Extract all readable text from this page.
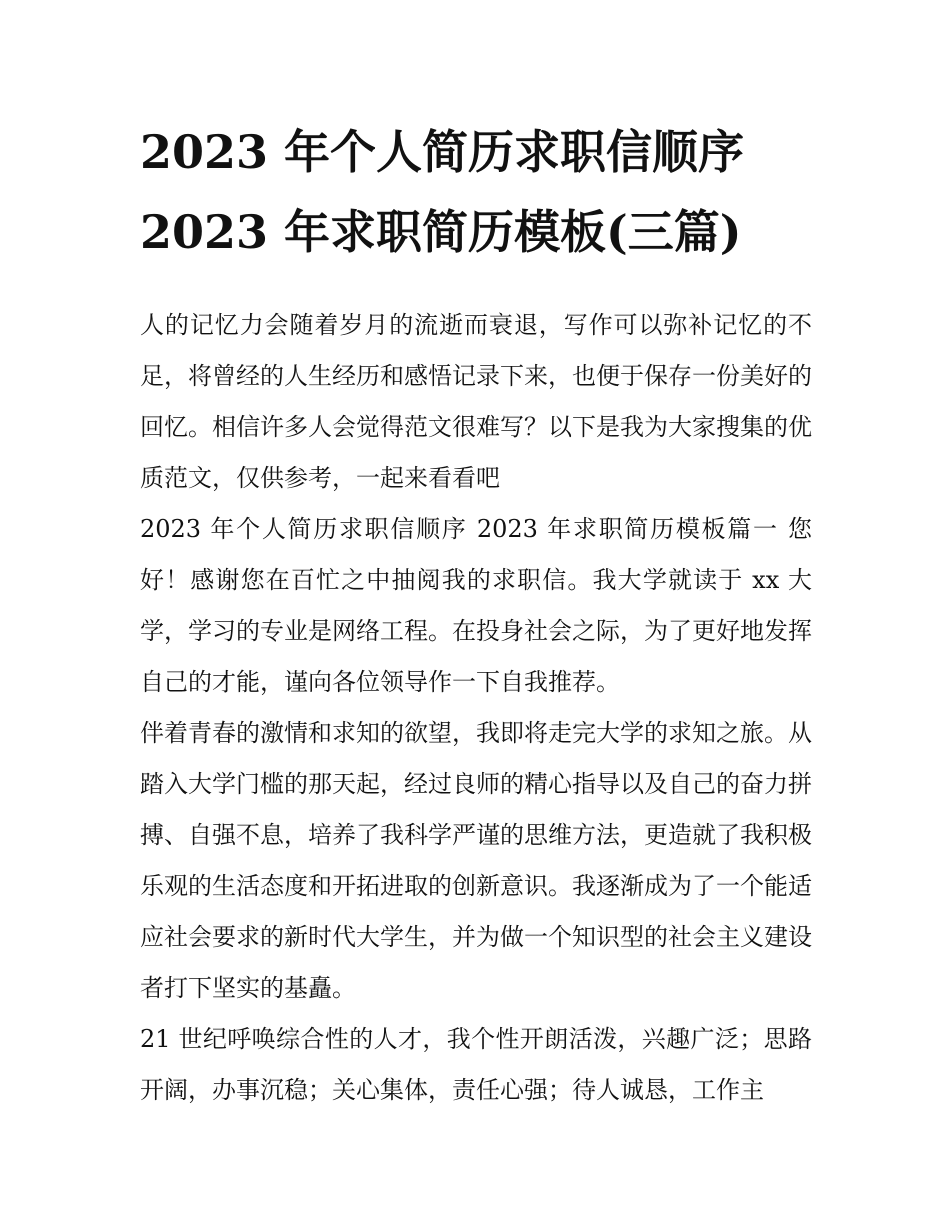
2023 年个人简历求职信顺序
2023 年求职简历模板(三篇)

人的记忆力会随着岁月的流逝而衰退，写作可以弥补记忆的不足，将曾经的人生经历和感悟记录下来，也便于保存一份美好的回忆。相信许多人会觉得范文很难写？以下是我为大家搜集的优质范文，仅供参考，一起来看看吧

2023 年个人简历求职信顺序 2023 年求职简历模板篇一 您好！感谢您在百忙之中抽阅我的求职信。我大学就读于 xx 大学，学习的专业是网络工程。在投身社会之际，为了更好地发挥自己的才能，谨向各位领导作一下自我推荐。

伴着青春的激情和求知的欲望，我即将走完大学的求知之旅。从踏入大学门槛的那天起，经过良师的精心指导以及自己的奋力拼搏、自强不息，培养了我科学严谨的思维方法，更造就了我积极乐观的生活态度和开拓进取的创新意识。我逐渐成为了一个能适应社会要求的新时代大学生，并为做一个知识型的社会主义建设者打下坚实的基矗。

21 世纪呼唤综合性的人才，我个性开朗活泼，兴趣广泛；思路开阔，办事沉稳；关心集体，责任心强；待人诚恳，工作主
